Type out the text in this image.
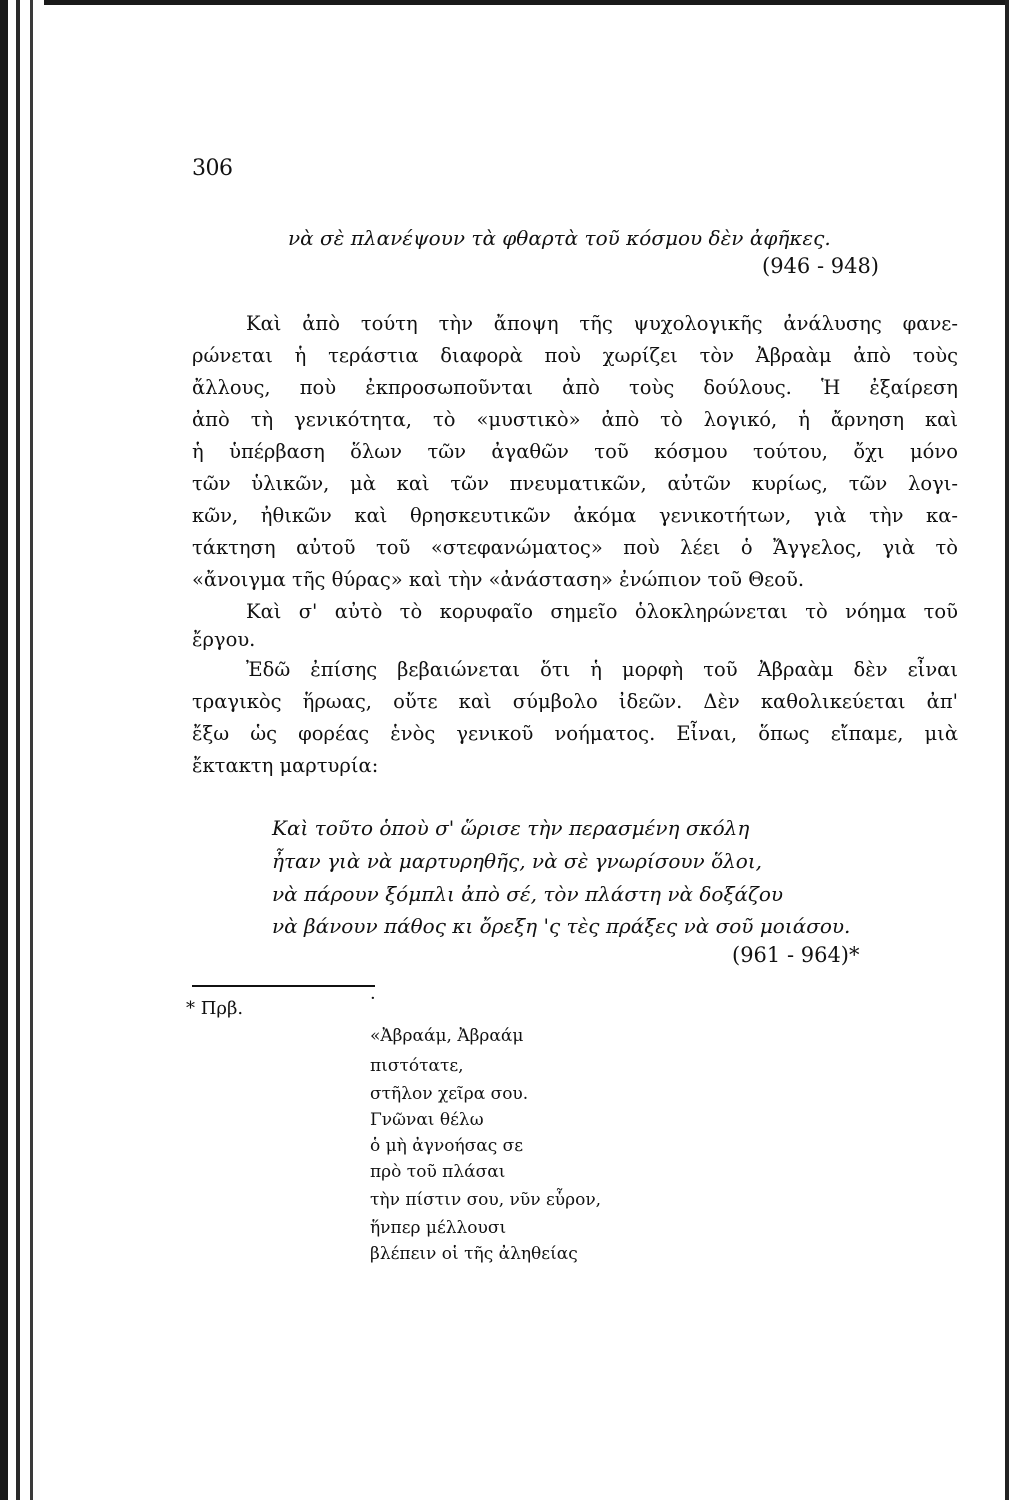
306
νὰ σὲ πλανέψουν τὰ φθαρτὰ τοῦ κόσμου δὲν ἀφῆκες.
(946 - 948)
Καὶ ἀπὸ τούτη τὴν ἄποψη τῆς ψυχολογικῆς ἀνάλυσης φανε-
ρώνεται ἡ τεράστια διαφορὰ ποὺ χωρίζει τὸν Ἀβραὰμ ἀπὸ τοὺς
ἄλλους, ποὺ ἐκπροσωποῦνται ἀπὸ τοὺς δούλους. Ἡ ἐξαίρεση
ἀπὸ τὴ γενικότητα, τὸ «μυστικὸ» ἀπὸ τὸ λογικό, ἡ ἄρνηση καὶ
ἡ ὑπέρβαση ὅλων τῶν ἀγαθῶν τοῦ κόσμου τούτου, ὄχι μόνο
τῶν ὑλικῶν, μὰ καὶ τῶν πνευματικῶν, αὐτῶν κυρίως, τῶν λογι-
κῶν, ἠθικῶν καὶ θρησκευτικῶν ἀκόμα γενικοτήτων, γιὰ τὴν κα-
τάκτηση αὐτοῦ τοῦ «στεφανώματος» ποὺ λέει ὁ Ἄγγελος, γιὰ τὸ
«ἄνοιγμα τῆς θύρας» καὶ τὴν «ἀνάσταση» ἐνώπιον τοῦ Θεοῦ.
Καὶ σ' αὐτὸ τὸ κορυφαῖο σημεῖο ὁλοκληρώνεται τὸ νόημα τοῦ
ἔργου.
Ἐδῶ ἐπίσης βεβαιώνεται ὅτι ἡ μορφὴ τοῦ Ἀβραὰμ δὲν εἶναι
τραγικὸς ἥρωας, οὔτε καὶ σύμβολο ἰδεῶν. Δὲν καθολικεύεται ἀπ'
ἔξω ὡς φορέας ἑνὸς γενικοῦ νοήματος. Εἶναι, ὅπως εἴπαμε, μιὰ
ἔκτακτη μαρτυρία:
Καὶ τοῦτο ὁποὺ σ' ὥρισε τὴν περασμένη σκόλη
ἦταν γιὰ νὰ μαρτυρηθῆς, νὰ σὲ γνωρίσουν ὅλοι,
νὰ πάρουν ξόμπλι ἀπὸ σέ, τὸν πλάστη νὰ δοξάζου
νὰ βάνουν πάθος κι ὄρεξη 'ς τὲς πράξες νὰ σοῦ μοιάσου.
(961 - 964)*
* Πρβ.	·
«Ἀβραάμ, Ἀβραάμ
πιστότατε,
στῆλον χεῖρα σου.
Γνῶναι θέλω
ὁ μὴ ἀγνοήσας σε
πρὸ τοῦ πλάσαι
τὴν πίστιν σου, νῦν εὗρον,
ἥνπερ μέλλουσι
βλέπειν οἱ τῆς ἀληθείας
